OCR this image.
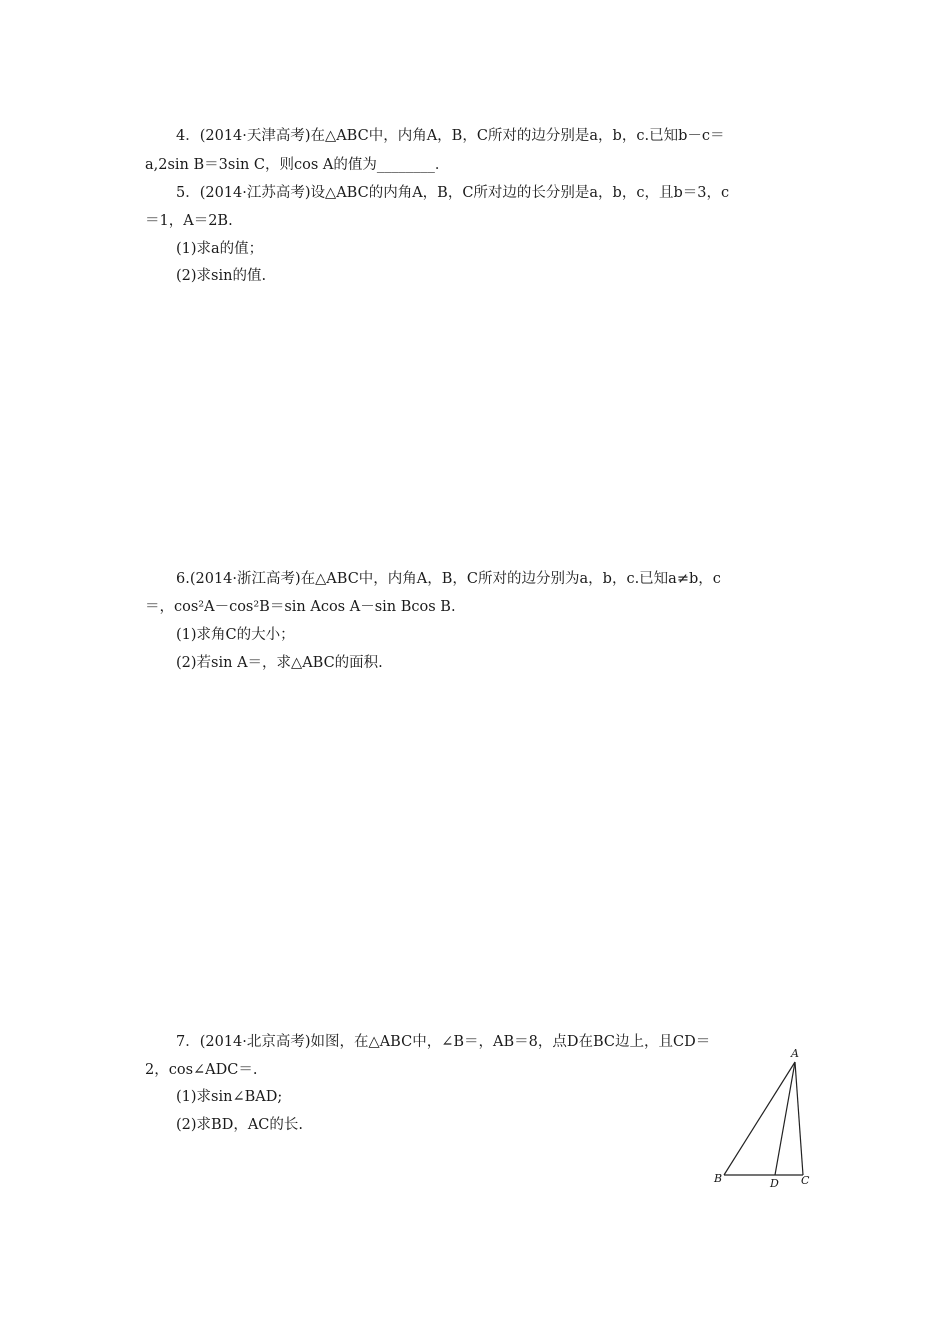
4．(2014·天津高考)在△ABC中，内角A，B，C所对的边分别是a，b，c.已知b－c＝
a,2sin B＝3sin C，则cos A的值为________．
5．(2014·江苏高考)设△ABC的内角A，B，C所对边的长分别是a，b，c，且b＝3，c
＝1，A＝2B.
(1)求a的值；
(2)求sin的值.
6.(2014·浙江高考)在△ABC中，内角A，B，C所对的边分别为a，b，c.已知a≠b，c
＝，cos²A－cos²B＝sin Acos A－sin Bcos B.
(1)求角C的大小；
(2)若sin A＝，求△ABC的面积.
7．(2014·北京高考)如图，在△ABC中，∠B＝，AB＝8，点D在BC边上，且CD＝
2，cos∠ADC＝.
(1)求sin∠BAD;
(2)求BD，AC的长.
A
B	C
D
